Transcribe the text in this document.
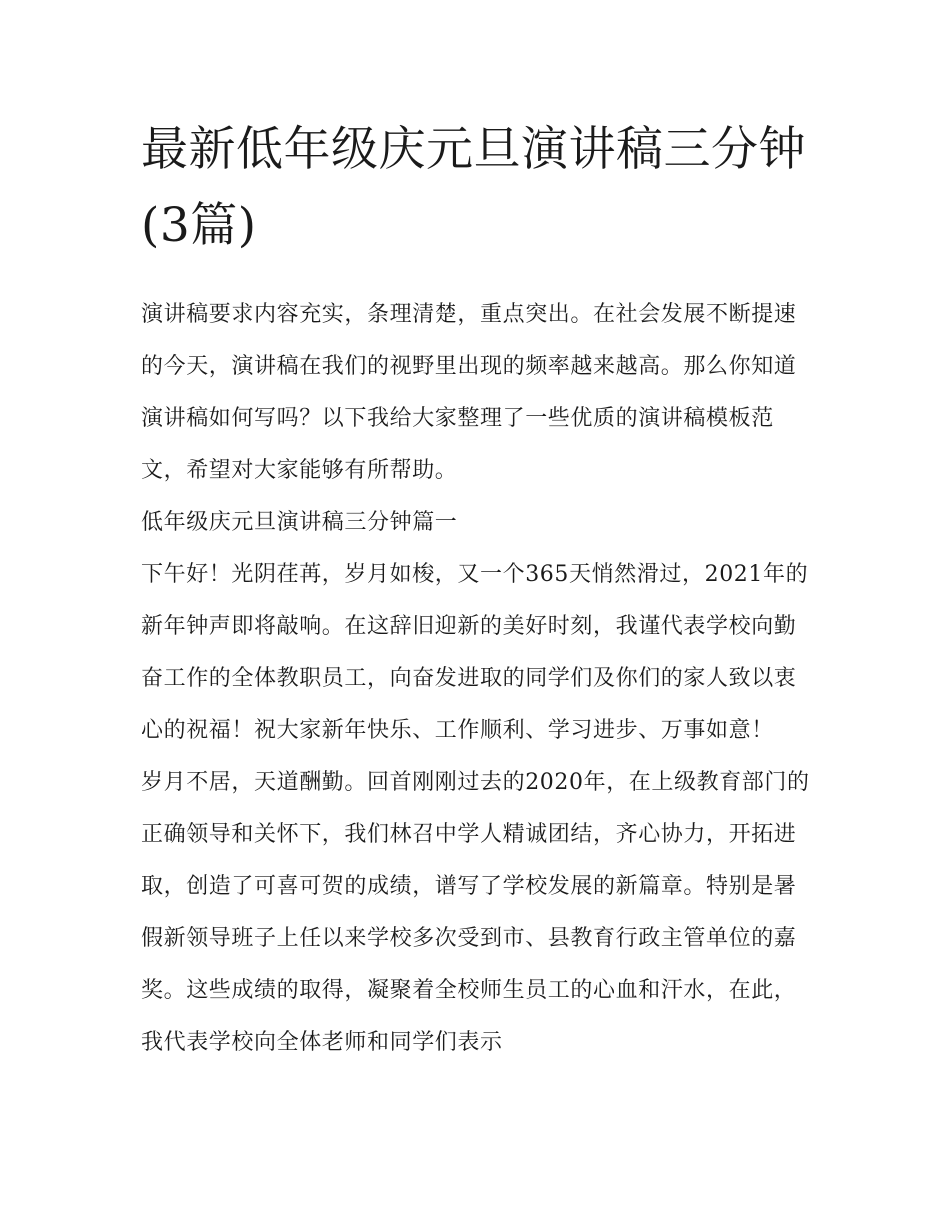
最新低年级庆元旦演讲稿三分钟(3篇)

演讲稿要求内容充实，条理清楚，重点突出。在社会发展不断提速的今天，演讲稿在我们的视野里出现的频率越来越高。那么你知道演讲稿如何写吗？以下我给大家整理了一些优质的演讲稿模板范文，希望对大家能够有所帮助。

低年级庆元旦演讲稿三分钟篇一

下午好！光阴荏苒，岁月如梭，又一个365天悄然滑过，2021年的新年钟声即将敲响。在这辞旧迎新的美好时刻，我谨代表学校向勤奋工作的全体教职员工，向奋发进取的同学们及你们的家人致以衷心的祝福！祝大家新年快乐、工作顺利、学习进步、万事如意！

岁月不居，天道酬勤。回首刚刚过去的2020年，在上级教育部门的正确领导和关怀下，我们林召中学人精诚团结，齐心协力，开拓进取，创造了可喜可贺的成绩，谱写了学校发展的新篇章。特别是暑假新领导班子上任以来学校多次受到市、县教育行政主管单位的嘉奖。这些成绩的取得，凝聚着全校师生员工的心血和汗水，在此，我代表学校向全体老师和同学们表示
